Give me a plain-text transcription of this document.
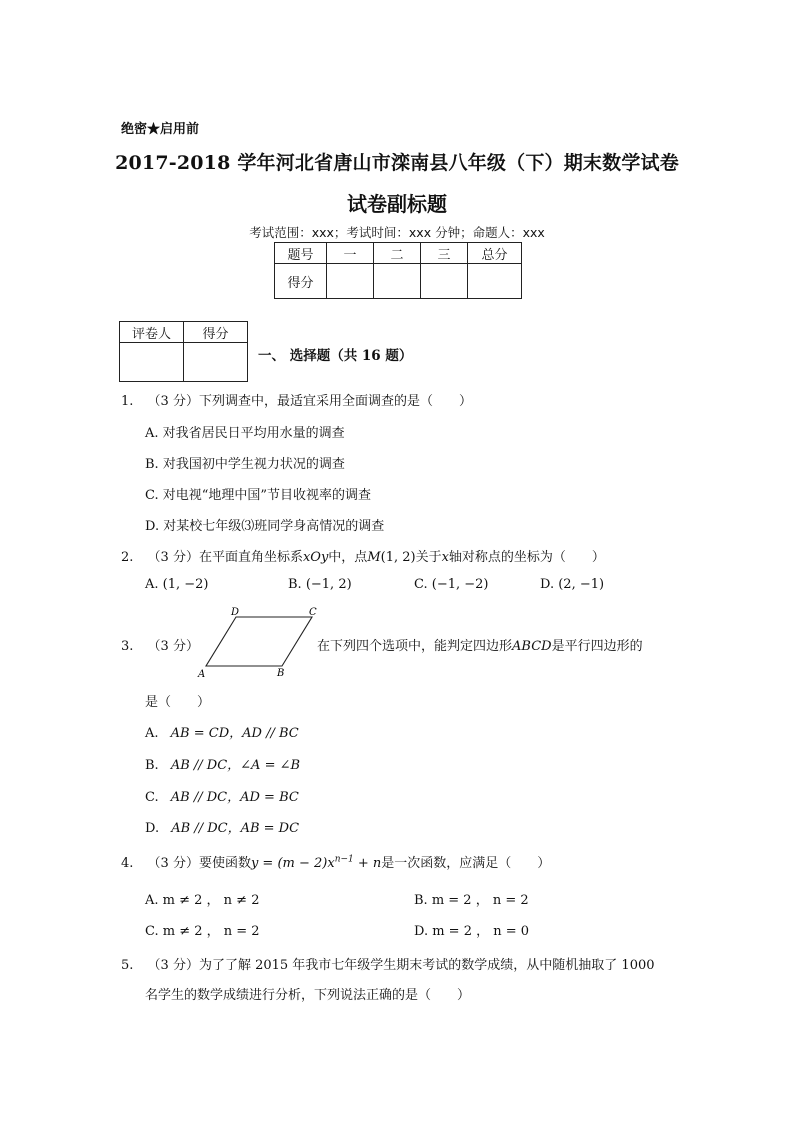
绝密★启用前
2017-2018 学年河北省唐山市滦南县八年级（下）期末数学试卷
试卷副标题
考试范围：xxx；考试时间：xxx 分钟；命题人：xxx
题号	一	二	三	总分
得分				
评卷人	得分

一、 选择题（共 16 题）
1. （3 分）下列调查中，最适宜采用全面调查的是（　　）
A. 对我省居民日平均用水量的调查
B. 对我国初中学生视力状况的调查
C. 对电视“地理中国”节目收视率的调查
D. 对某校七年级⑶班同学身高情况的调查
2. （3 分）在平面直角坐标系xOy中，点M(1, 2)关于x轴对称点的坐标为（　　）
A. (1, −2)	B. (−1, 2)	C. (−1, −2)	D. (2, −1)
3. （3 分）
D	C
A	B
在下列四个选项中，能判定四边形ABCD是平行四边形的
是（　　）
A. AB = CD，AD // BC
B. AB // DC，∠A = ∠B
C. AB // DC，AD = BC
D. AB // DC，AB = DC
4. （3 分）要使函数$y = (m - 2)x^{n-1} + n$是一次函数，应满足（　　）
A. m ≠ 2 ， n ≠ 2	B. m = 2 ， n = 2
C. m ≠ 2 ， n = 2	D. m = 2 ， n = 0
5. （3 分）为了了解 2015 年我市七年级学生期末考试的数学成绩，从中随机抽取了 1000
名学生的数学成绩进行分析，下列说法正确的是（　　）
